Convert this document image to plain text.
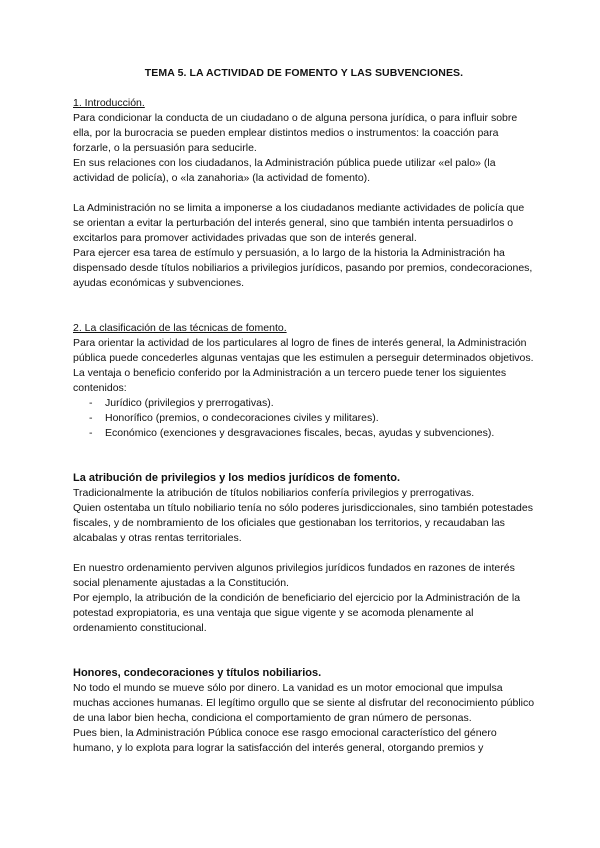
TEMA 5. LA ACTIVIDAD DE FOMENTO Y LAS SUBVENCIONES.

1. Introducción.

Para condicionar la conducta de un ciudadano o de alguna persona jurídica, o para influir sobre ella, por la burocracia se pueden emplear distintos medios o instrumentos: la coacción para forzarle, o la persuasión para seducirle.

En sus relaciones con los ciudadanos, la Administración pública puede utilizar «el palo» (la actividad de policía), o «la zanahoria» (la actividad de fomento).

La Administración no se limita a imponerse a los ciudadanos mediante actividades de policía que se orientan a evitar la perturbación del interés general, sino que también intenta persuadirlos o excitarlos para promover actividades privadas que son de interés general.

Para ejercer esa tarea de estímulo y persuasión, a lo largo de la historia la Administración ha dispensado desde títulos nobiliarios a privilegios jurídicos, pasando por premios, condecoraciones, ayudas económicas y subvenciones.

2. La clasificación de las técnicas de fomento.

Para orientar la actividad de los particulares al logro de fines de interés general, la Administración pública puede concederles algunas ventajas que les estimulen a perseguir determinados objetivos. La ventaja o beneficio conferido por la Administración a un tercero puede tener los siguientes contenidos:

- Jurídico (privilegios y prerrogativas).
- Honorífico (premios, o condecoraciones civiles y militares).
- Económico (exenciones y desgravaciones fiscales, becas, ayudas y subvenciones).

La atribución de privilegios y los medios jurídicos de fomento.

Tradicionalmente la atribución de títulos nobiliarios confería privilegios y prerrogativas.

Quien ostentaba un título nobiliario tenía no sólo poderes jurisdiccionales, sino también potestades fiscales, y de nombramiento de los oficiales que gestionaban los territorios, y recaudaban las alcabalas y otras rentas territoriales.

En nuestro ordenamiento perviven algunos privilegios jurídicos fundados en razones de interés social plenamente ajustadas a la Constitución.

Por ejemplo, la atribución de la condición de beneficiario del ejercicio por la Administración de la potestad expropiatoria, es una ventaja que sigue vigente y se acomoda plenamente al ordenamiento constitucional.

Honores, condecoraciones y títulos nobiliarios.

No todo el mundo se mueve sólo por dinero. La vanidad es un motor emocional que impulsa muchas acciones humanas. El legítimo orgullo que se siente al disfrutar del reconocimiento público de una labor bien hecha, condiciona el comportamiento de gran número de personas.

Pues bien, la Administración Pública conoce ese rasgo emocional característico del género humano, y lo explota para lograr la satisfacción del interés general, otorgando premios y
